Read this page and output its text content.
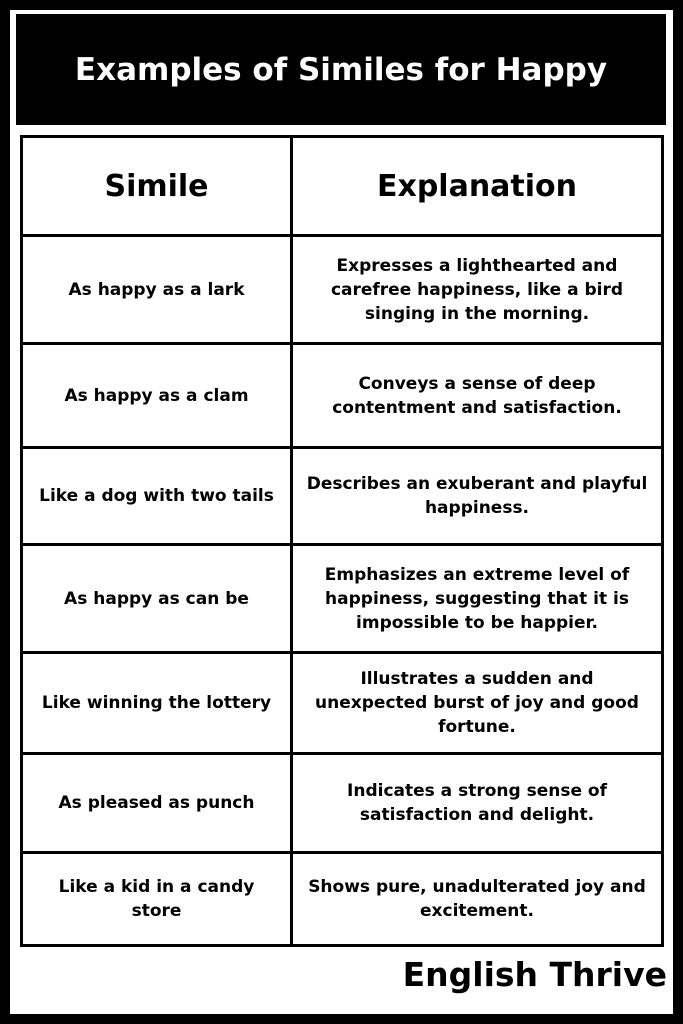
Examples of Similes for Happy
Simile	Explanation
As happy as a lark	Expresses a lighthearted and carefree happiness, like a bird singing in the morning.
As happy as a clam	Conveys a sense of deep contentment and satisfaction.
Like a dog with two tails	Describes an exuberant and playful happiness.
As happy as can be	Emphasizes an extreme level of happiness, suggesting that it is impossible to be happier.
Like winning the lottery	Illustrates a sudden and unexpected burst of joy and good fortune.
As pleased as punch	Indicates a strong sense of satisfaction and delight.
Like a kid in a candy store	Shows pure, unadulterated joy and excitement.
English Thrive
